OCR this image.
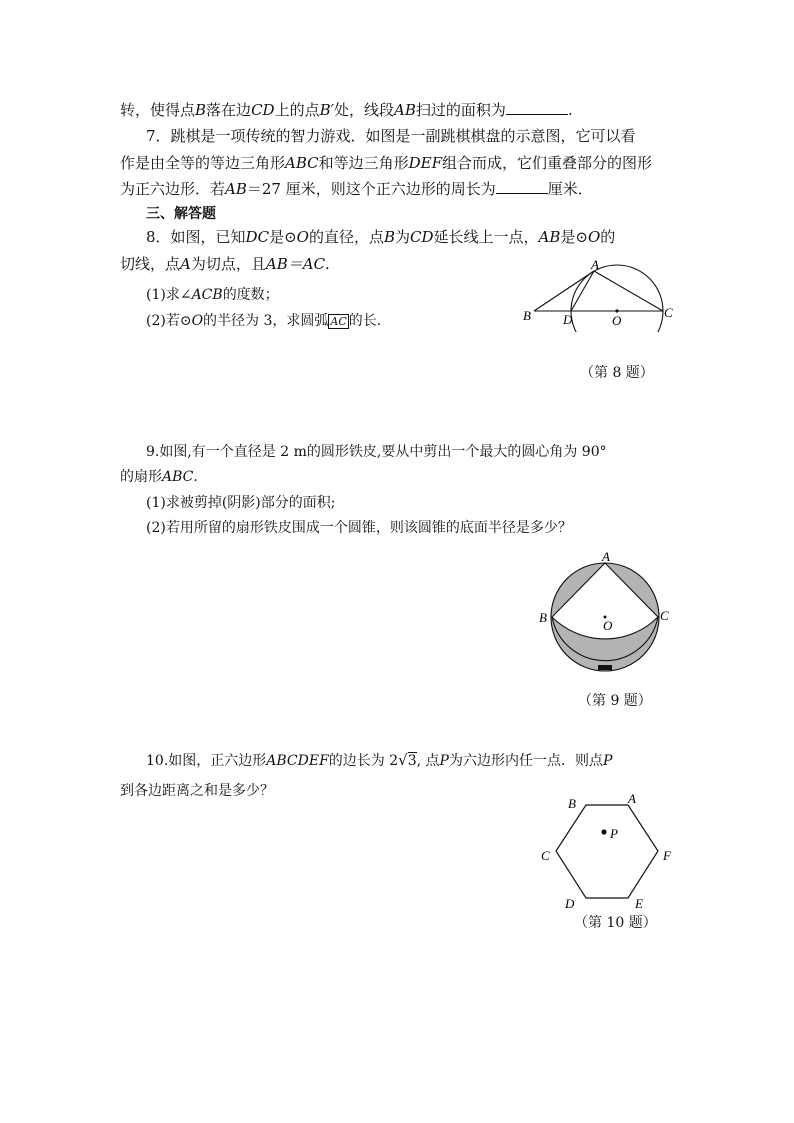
转，使得点B落在边CD上的点B′处，线段AB扫过的面积为	.
7．跳棋是一项传统的智力游戏．如图是一副跳棋棋盘的示意图，它可以看
作是由全等的等边三角形ABC和等边三角形DEF组合而成，它们重叠部分的图形
为正六边形．若AB＝27 厘米，则这个正六边形的周长为	厘米．
三、解答题
8．如图，已知DC是⊙O的直径，点B为CD延长线上一点，AB是⊙O的
切线，点A为切点，且AB＝AC.
(1)求∠ACB的度数；
(2)若⊙O的半径为 3，求圆弧 AC 的长.
A
B	C
D	O
（第 8 题）
9.如图,有一个直径是 2 m的圆形铁皮,要从中剪出一个最大的圆心角为 90°
的扇形ABC.
(1)求被剪掉(阴影)部分的面积;
(2)若用所留的扇形铁皮围成一个圆锥，则该圆锥的底面半径是多少？
A
B	C
O
（第 9 题）
10.如图，正六边形ABCDEF的边长为 2√3, 点P为六边形内任一点．则点P
到各边距离之和是多少？
B	A
C	F
D	E
P
（第 10 题）
